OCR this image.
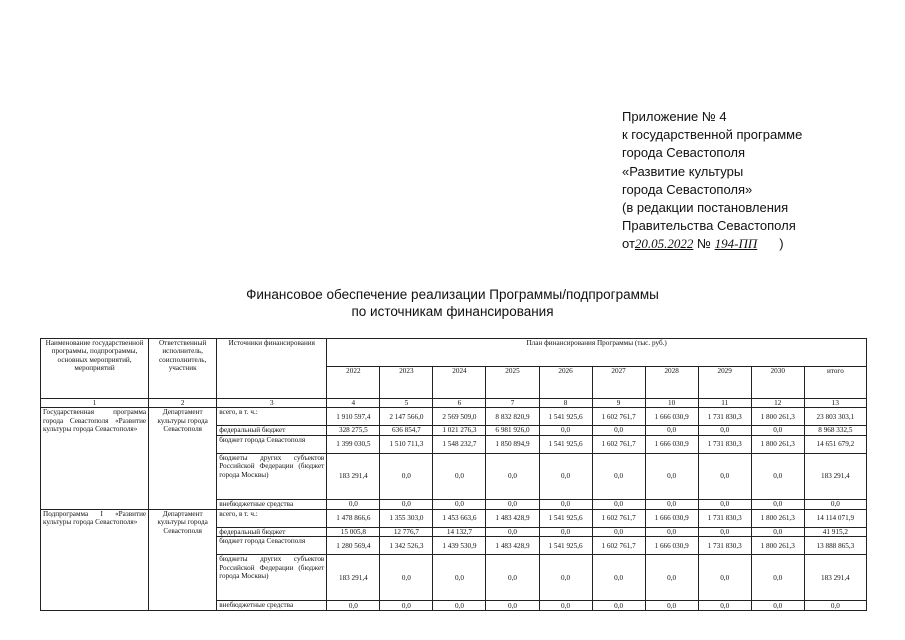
Приложение № 4
к государственной программе
города Севастополя
«Развитие культуры
города Севастополя»
(в редакции постановления
Правительства Севастополя
от20.05.2022 № 194-ПП )
Финансовое обеспечение реализации Программы/подпрограммы
по источникам финансирования
Наименование государственной программы, подпрограммы, основных мероприятий, мероприятий	Ответственный исполнитель, соисполнитель, участник	Источники финансирования	План финансирования Программы (тыс. руб.)									
			2022	2023	2024	2025	2026	2027	2028	2029	2030	итого
1	2	3	4	5	6	7	8	9	10	11	12	13
Государственная программа города Севастополя «Развитие культуры города Севастополя»	Департамент культуры города Севастополя	всего, в т. ч.:	1 910 597,4	2 147 566,0	2 569 509,0	8 832 820,9	1 541 925,6	1 602 761,7	1 666 030,9	1 731 830,3	1 800 261,3	23 803 303,1
		федеральный бюджет	328 275,5	636 854,7	1 021 276,3	6 981 926,0	0,0	0,0	0,0	0,0	0,0	8 968 332,5
		бюджет города Севастополя	1 399 030,5	1 510 711,3	1 548 232,7	1 850 894,9	1 541 925,6	1 602 761,7	1 666 030,9	1 731 830,3	1 800 261,3	14 651 679,2
		бюджеты других субъектов Российской Федерации (бюджет города Москвы)	183 291,4	0,0	0,0	0,0	0,0	0,0	0,0	0,0	0,0	183 291,4
		внебюджетные средства	0,0	0,0	0,0	0,0	0,0	0,0	0,0	0,0	0,0	0,0
Подпрограмма I «Развитие культуры города Севастополя»	Департамент культуры города Севастополя	всего, в т. ч.:	1 478 866,6	1 355 303,0	1 453 663,6	1 483 428,9	1 541 925,6	1 602 761,7	1 666 030,9	1 731 830,3	1 800 261,3	14 114 071,9
		федеральный бюджет	15 005,8	12 776,7	14 132,7	0,0	0,0	0,0	0,0	0,0	0,0	41 915,2
		бюджет города Севастополя	1 280 569,4	1 342 526,3	1 439 530,9	1 483 428,9	1 541 925,6	1 602 761,7	1 666 030,9	1 731 830,3	1 800 261,3	13 888 865,3
		бюджеты других субъектов Российской Федерации (бюджет города Москвы)	183 291,4	0,0	0,0	0,0	0,0	0,0	0,0	0,0	0,0	183 291,4
		внебюджетные средства	0,0	0,0	0,0	0,0	0,0	0,0	0,0	0,0	0,0	0,0
